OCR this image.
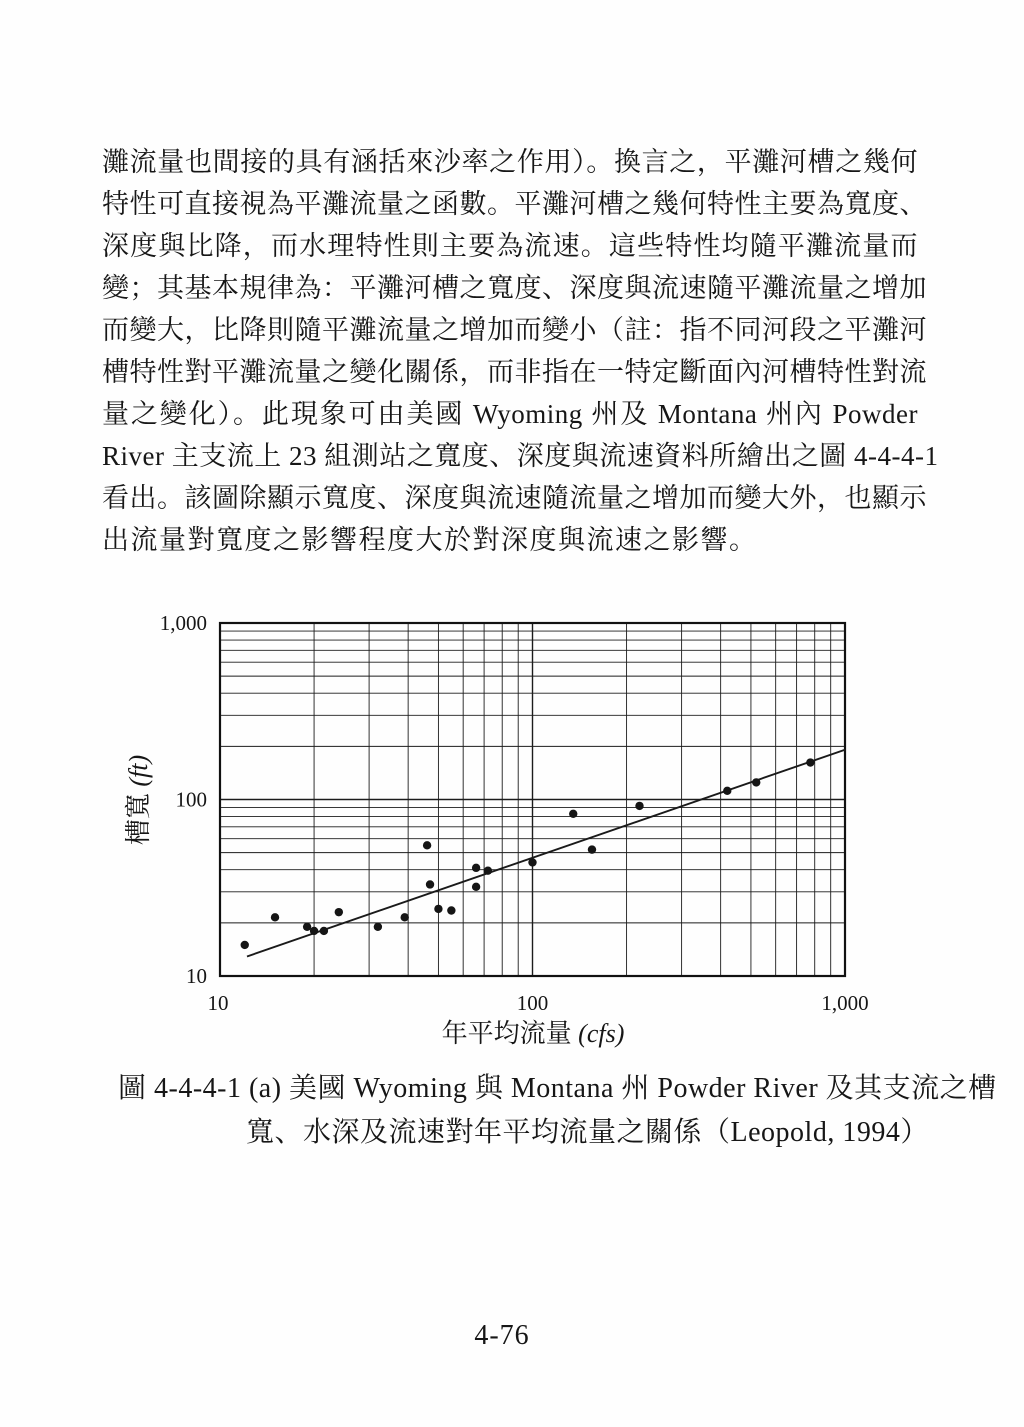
灘流量也間接的具有涵括來沙率之作用）。換言之，平灘河槽之幾何
特性可直接視為平灘流量之函數。平灘河槽之幾何特性主要為寬度、
深度與比降，而水理特性則主要為流速。這些特性均隨平灘流量而
變；其基本規律為：平灘河槽之寬度、深度與流速隨平灘流量之增加
而變大，比降則隨平灘流量之增加而變小（註：指不同河段之平灘河
槽特性對平灘流量之變化關係，而非指在一特定斷面內河槽特性對流
量之變化）。此現象可由美國 Wyoming 州及 Montana 州內 Powder
River 主支流上 23 組測站之寬度、深度與流速資料所繪出之圖 4-4-4-1
看出。該圖除顯示寬度、深度與流速隨流量之增加而變大外，也顯示
出流量對寬度之影響程度大於對深度與流速之影響。
10
100
1,000
10	100	1,000
年平均流量 (cfs)
槽寬 (ft)
圖 4-4-4-1 (a) 美國 Wyoming 與 Montana 州 Powder River 及其支流之槽
寬、水深及流速對年平均流量之關係（Leopold, 1994）
4-76
